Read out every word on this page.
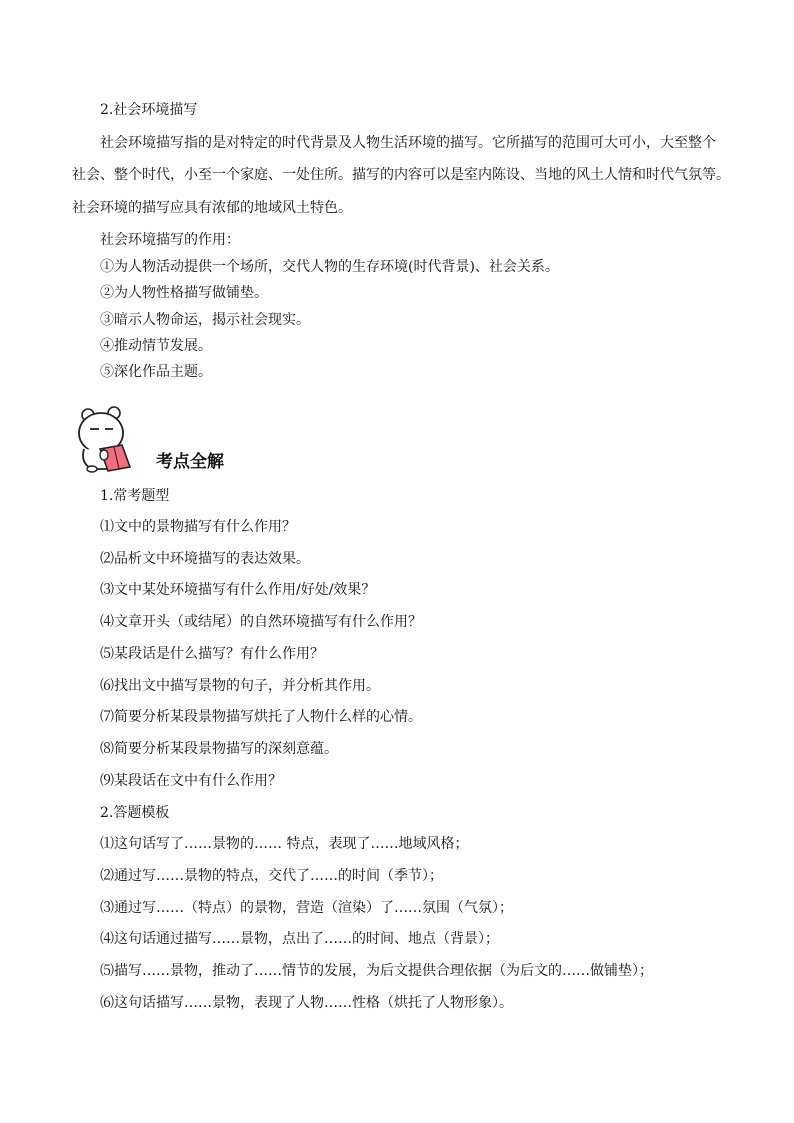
2.社会环境描写
社会环境描写指的是对特定的时代背景及人物生活环境的描写。它所描写的范围可大可小，大至整个
社会、整个时代，小至一个家庭、一处住所。描写的内容可以是室内陈设、当地的风土人情和时代气氛等。
社会环境的描写应具有浓郁的地域风土特色。
社会环境描写的作用：
①为人物活动提供一个场所，交代人物的生存环境(时代背景)、社会关系。
②为人物性格描写做铺垫。
③暗示人物命运，揭示社会现实。
④推动情节发展。
⑤深化作品主题。
考点全解
1.常考题型
⑴文中的景物描写有什么作用？
⑵品析文中环境描写的表达效果。
⑶文中某处环境描写有什么作用/好处/效果？
⑷文章开头（或结尾）的自然环境描写有什么作用？
⑸某段话是什么描写？有什么作用？
⑹找出文中描写景物的句子，并分析其作用。
⑺简要分析某段景物描写烘托了人物什么样的心情。
⑻简要分析某段景物描写的深刻意蕴。
⑼某段话在文中有什么作用？
2.答题模板
⑴这句话写了……景物的…… 特点，表现了……地域风格；
⑵通过写……景物的特点，交代了……的时间（季节）；
⑶通过写……（特点）的景物，营造（渲染）了……氛围（气氛）；
⑷这句话通过描写……景物，点出了……的时间、地点（背景）；
⑸描写……景物，推动了……情节的发展，为后文提供合理依据（为后文的……做铺垫）；
⑹这句话描写……景物，表现了人物……性格（烘托了人物形象）。
